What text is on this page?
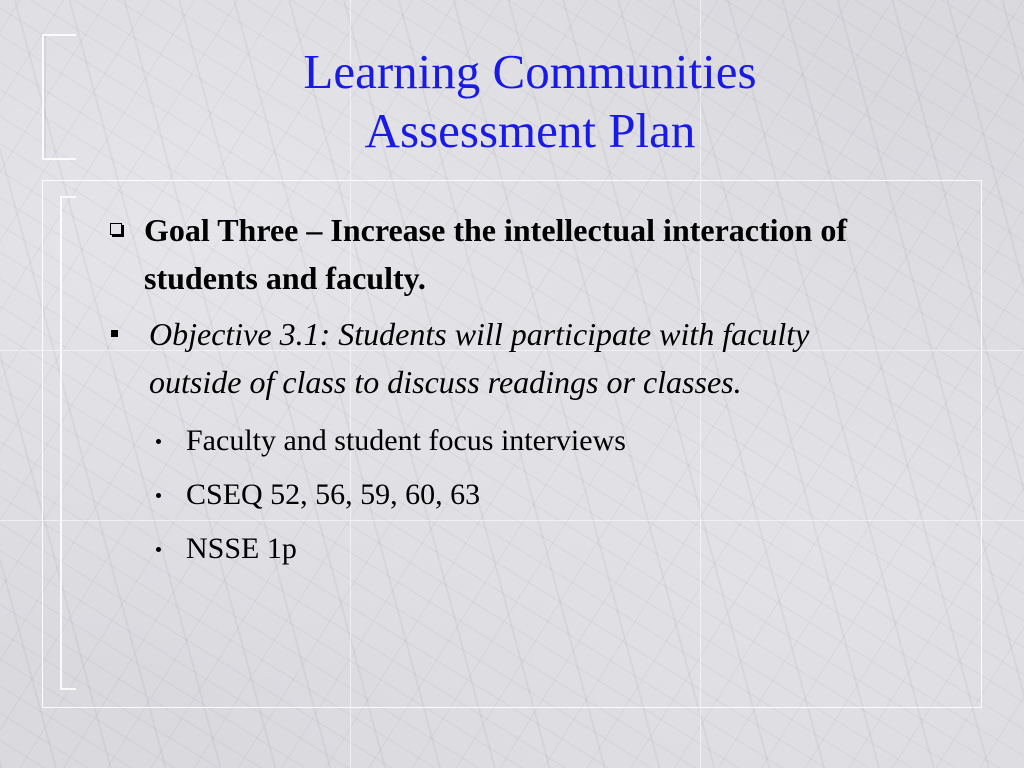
Learning Communities
Assessment Plan
Goal Three – Increase the intellectual interaction of students and faculty.
Objective 3.1: Students will participate with faculty outside of class to discuss readings or classes.
Faculty and student focus interviews
CSEQ 52, 56, 59, 60, 63
NSSE 1p
